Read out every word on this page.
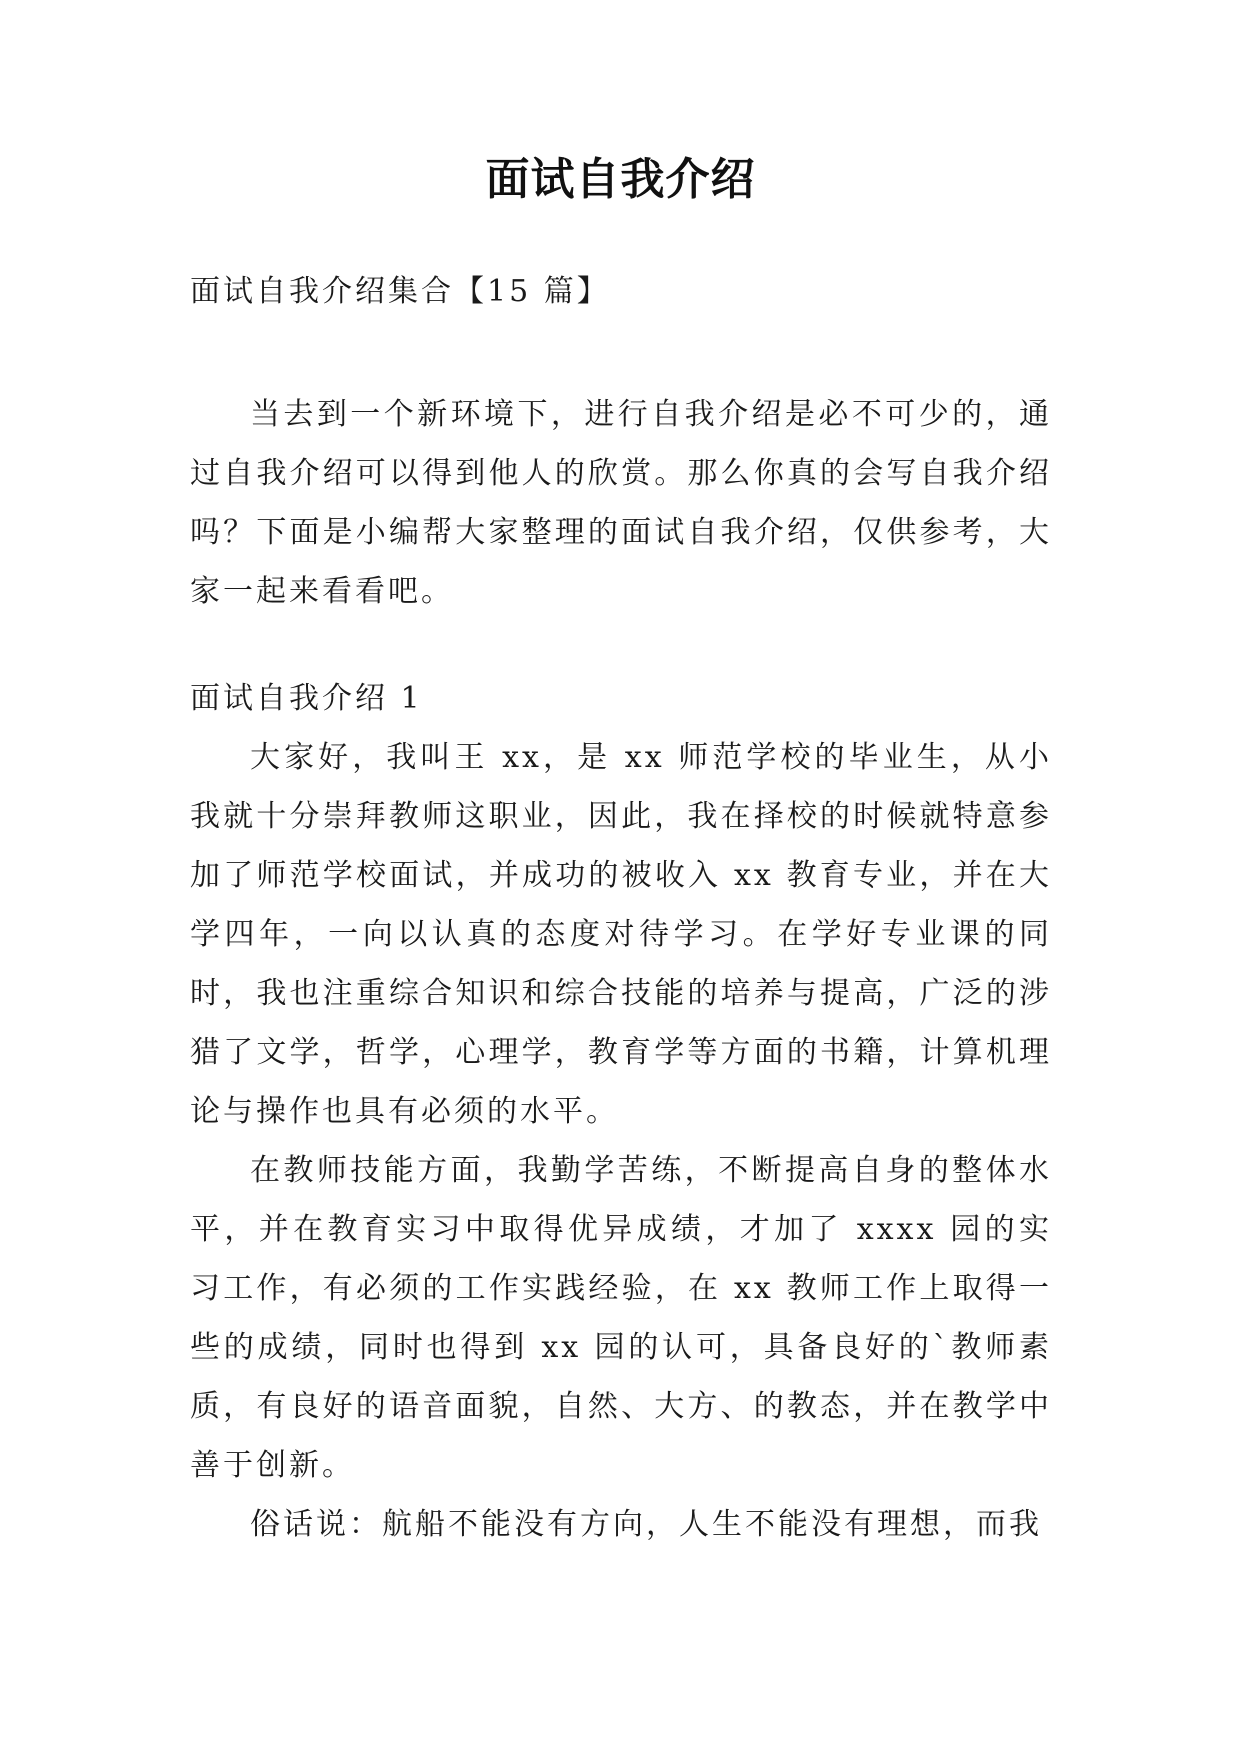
面试自我介绍

面试自我介绍集合【15 篇】

当去到一个新环境下，进行自我介绍是必不可少的，通过自我介绍可以得到他人的欣赏。那么你真的会写自我介绍吗？下面是小编帮大家整理的面试自我介绍，仅供参考，大家一起来看看吧。

面试自我介绍 1

大家好，我叫王 xx，是 xx 师范学校的毕业生，从小我就十分崇拜教师这职业，因此，我在择校的时候就特意参加了师范学校面试，并成功的被收入 xx 教育专业，并在大学四年，一向以认真的态度对待学习。在学好专业课的同时，我也注重综合知识和综合技能的培养与提高，广泛的涉猎了文学，哲学，心理学，教育学等方面的书籍，计算机理论与操作也具有必须的水平。

在教师技能方面，我勤学苦练，不断提高自身的整体水平，并在教育实习中取得优异成绩，才加了 xxxx 园的实习工作，有必须的工作实践经验，在 xx 教师工作上取得一些的成绩，同时也得到 xx 园的认可，具备良好的`教师素质，有良好的语音面貌，自然、大方、的教态，并在教学中善于创新。

俗话说：航船不能没有方向，人生不能没有理想，而我
